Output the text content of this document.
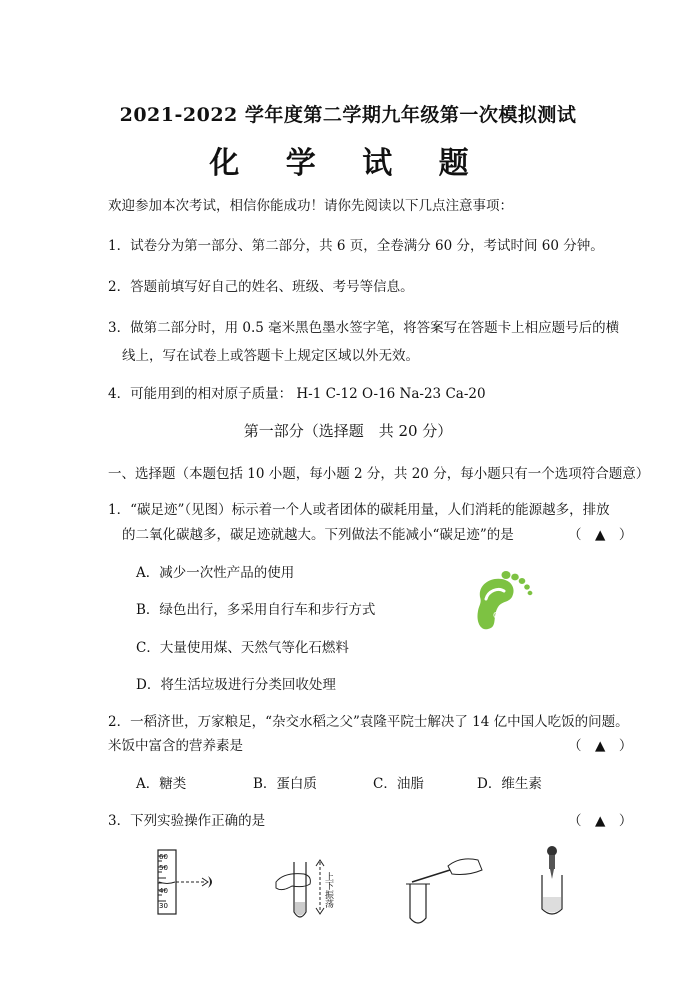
2021-2022 学年度第二学期九年级第一次模拟测试
化 学 试 题
欢迎参加本次考试，相信你能成功！请你先阅读以下几点注意事项：
1．试卷分为第一部分、第二部分，共 6 页，全卷满分 60 分，考试时间 60 分钟。
2．答题前填写好自己的姓名、班级、考号等信息。
3．做第二部分时，用 0.5 毫米黑色墨水签字笔，将答案写在答题卡上相应题号后的横
线上，写在试卷上或答题卡上规定区域以外无效。
4．可能用到的相对原子质量： H-1 C-12 O-16 Na-23 Ca-20
第一部分（选择题　共 20 分）
一、选择题（本题包括 10 小题，每小题 2 分，共 20 分，每小题只有一个选项符合题意）
1．“碳足迹”（见图）标示着一个人或者团体的碳耗用量，人们消耗的能源越多，排放
的二氧化碳越多，碳足迹就越大。下列做法不能减小“碳足迹”的是	（　▲　）
A．减少一次性产品的使用
B．绿色出行，多采用自行车和步行方式
C．大量使用煤、天然气等化石燃料
D．将生活垃圾进行分类回收处理
CO₂
2．一稻济世，万家粮足，“杂交水稻之父”袁隆平院士解决了 14 亿中国人吃饭的问题。
米饭中富含的营养素是	（　▲　）
A．糖类	B．蛋白质	C．油脂	D．维生素
3．下列实验操作正确的是	（　▲　）
60
50
40
30	上下振荡
